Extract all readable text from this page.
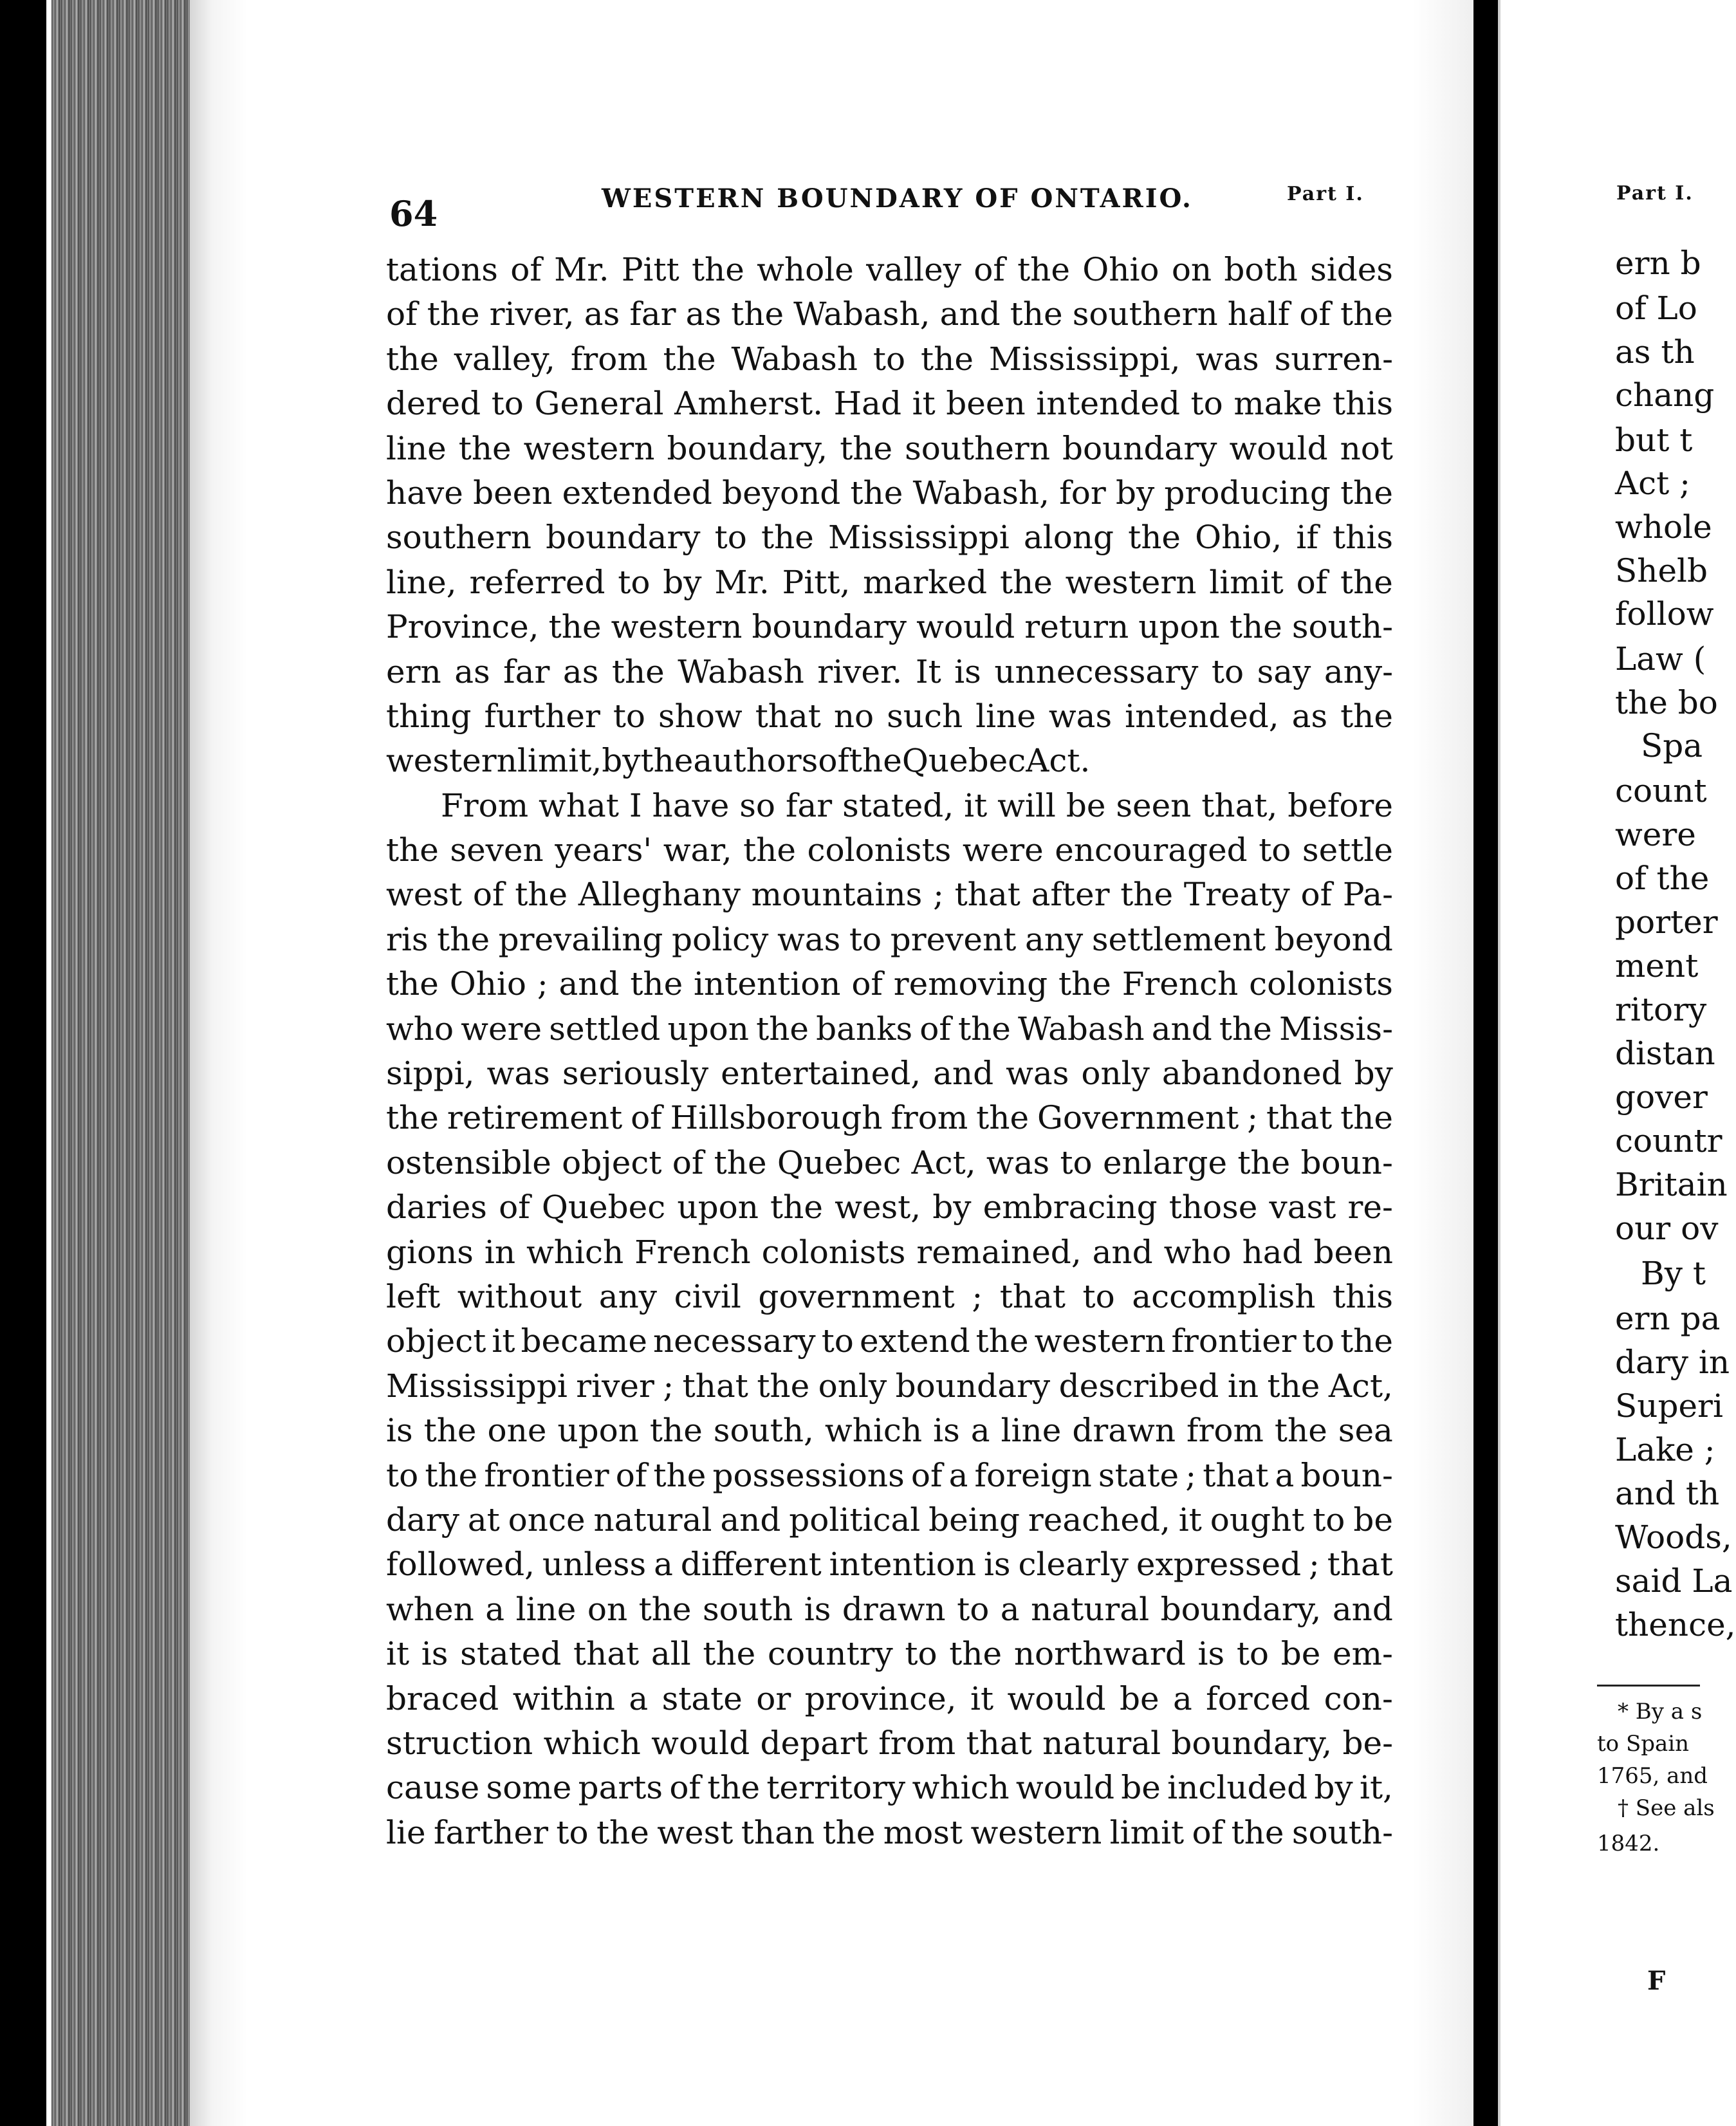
64	WESTERN BOUNDARY OF ONTARIO.	Part I.
tations of Mr. Pitt the whole valley of the Ohio on both sides
of the river, as far as the Wabash, and the southern half of the
the valley, from the Wabash to the Mississippi, was surren-
dered to General Amherst. Had it been intended to make this
line the western boundary, the southern boundary would not
have been extended beyond the Wabash, for by producing the
southern boundary to the Mississippi along the Ohio, if this
line, referred to by Mr. Pitt, marked the western limit of the
Province, the western boundary would return upon the south-
ern as far as the Wabash river. It is unnecessary to say any-
thing further to show that no such line was intended, as the
western limit, by the authors of the Quebec Act.
From what I have so far stated, it will be seen that, before
the seven years' war, the colonists were encouraged to settle
west of the Alleghany mountains ; that after the Treaty of Pa-
ris the prevailing policy was to prevent any settlement beyond
the Ohio ; and the intention of removing the French colonists
who were settled upon the banks of the Wabash and the Missis-
sippi, was seriously entertained, and was only abandoned by
the retirement of Hillsborough from the Government ; that the
ostensible object of the Quebec Act, was to enlarge the boun-
daries of Quebec upon the west, by embracing those vast re-
gions in which French colonists remained, and who had been
left without any civil government ; that to accomplish this
object it became necessary to extend the western frontier to the
Mississippi river ; that the only boundary described in the Act,
is the one upon the south, which is a line drawn from the sea
to the frontier of the possessions of a foreign state ; that a boun-
dary at once natural and political being reached, it ought to be
followed, unless a different intention is clearly expressed ; that
when a line on the south is drawn to a natural boundary, and
it is stated that all the country to the northward is to be em-
braced within a state or province, it would be a forced con-
struction which would depart from that natural boundary, be-
cause some parts of the territory which would be included by it,
lie farther to the west than the most western limit of the south-
Part I.
ern b
of Lo
as th
chang
but t
Act ;
whole
Shelb
follow
Law (
the bo
Spa
count
were
of the
porter
ment
ritory
distan
gover
countr
Britain
our ov
By t
ern pa
dary in
Superi
Lake ;
and th
Woods,
said La
thence,
* By a s
to Spain
1765, and
† See als
1842.
F
